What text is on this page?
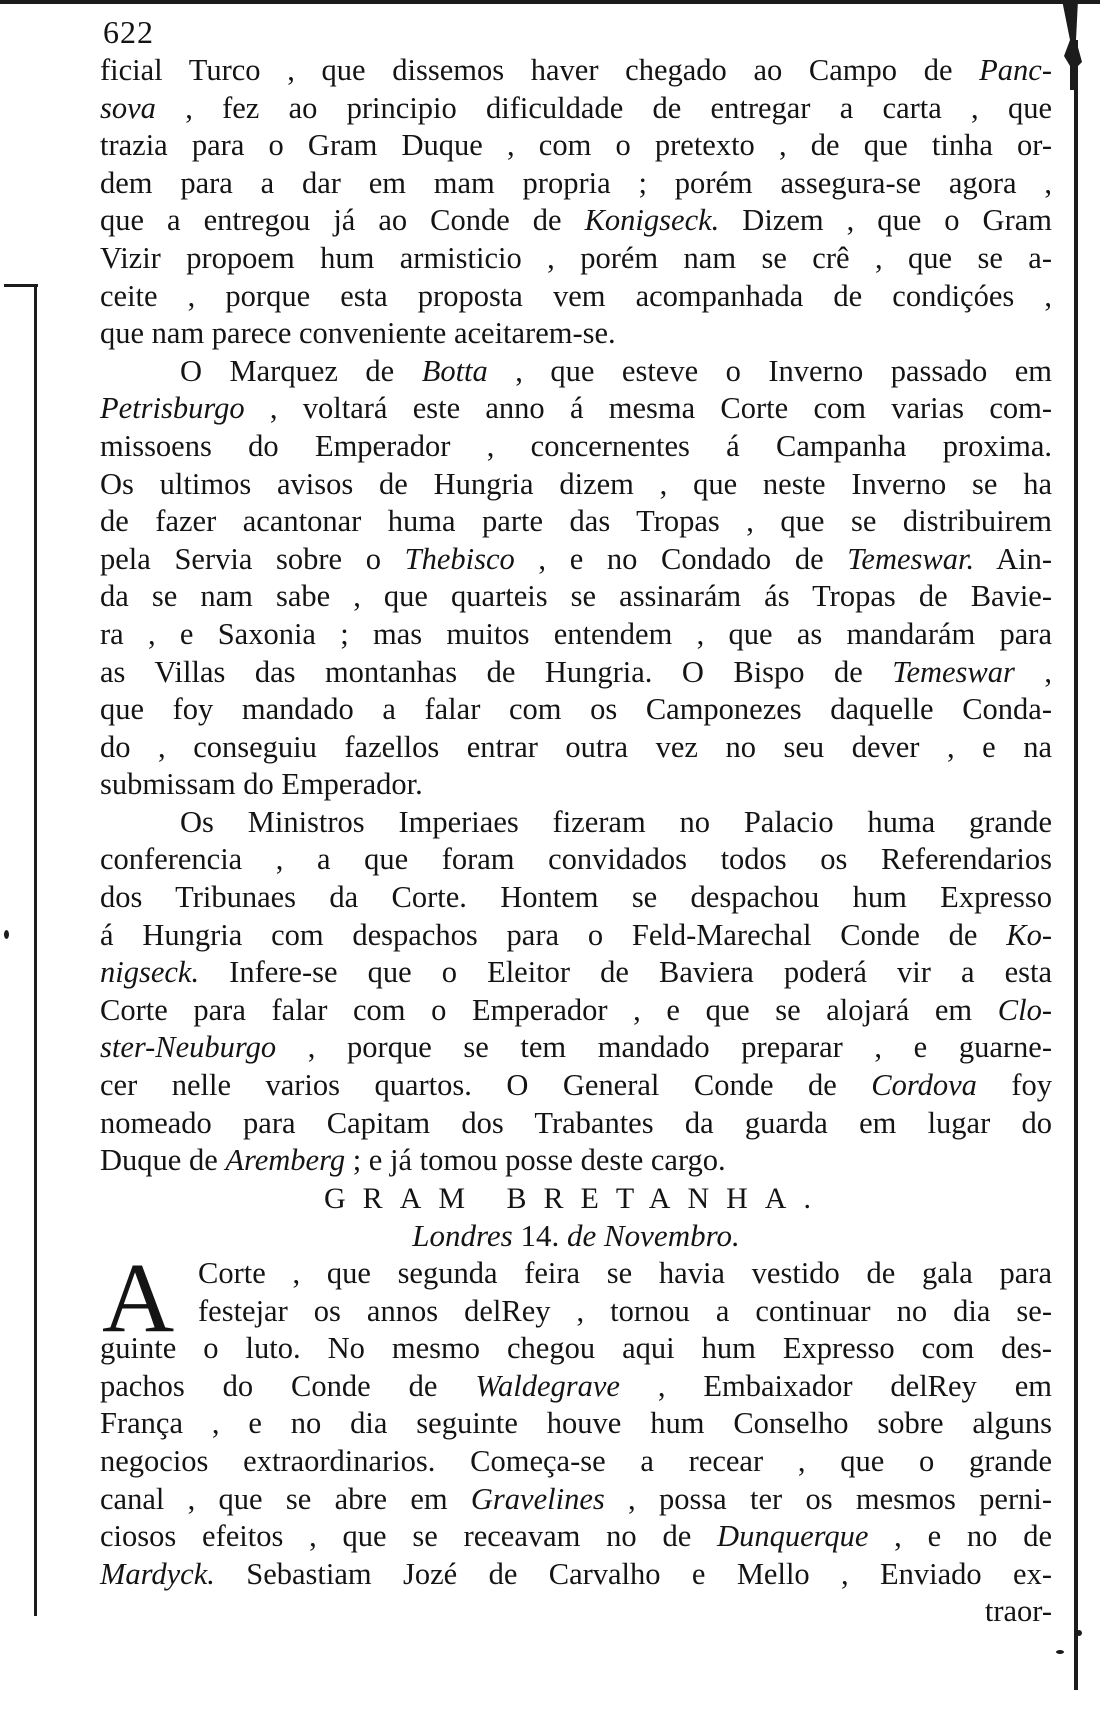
622
ficial Turco , que dissemos haver chegado ao Campo de Panc-
sova , fez ao principio dificuldade de entregar a carta , que
trazia para o Gram Duque , com o pretexto , de que tinha or-
dem para a dar em mam propria ; porém assegura-se agora ,
que a entregou já ao Conde de Konigseck. Dizem , que o Gram
Vizir propoem hum armisticio , porém nam se crê , que se a-
ceite , porque esta proposta vem acompanhada de condiçóes ,
que nam parece conveniente aceitarem-se.
O Marquez de Botta , que esteve o Inverno passado em
Petrisburgo , voltará este anno á mesma Corte com varias com-
missoens do Emperador , concernentes á Campanha proxima.
Os ultimos avisos de Hungria dizem , que neste Inverno se ha
de fazer acantonar huma parte das Tropas , que se distribuirem
pela Servia sobre o Thebisco , e no Condado de Temeswar. Ain-
da se nam sabe , que quarteis se assinarám ás Tropas de Bavie-
ra , e Saxonia ; mas muitos entendem , que as mandarám para
as Villas das montanhas de Hungria. O Bispo de Temeswar ,
que foy mandado a falar com os Camponezes daquelle Conda-
do , conseguiu fazellos entrar outra vez no seu dever , e na
submissam do Emperador.
Os Ministros Imperiaes fizeram no Palacio huma grande
conferencia , a que foram convidados todos os Referendarios
dos Tribunaes da Corte. Hontem se despachou hum Expresso
á Hungria com despachos para o Feld-Marechal Conde de Ko-
nigseck. Infere-se que o Eleitor de Baviera poderá vir a esta
Corte para falar com o Emperador , e que se alojará em Clo-
ster-Neuburgo , porque se tem mandado preparar , e guarne-
cer nelle varios quartos. O General Conde de Cordova foy
nomeado para Capitam dos Trabantes da guarda em lugar do
Duque de Aremberg ; e já tomou posse deste cargo.
GRAM BRETANHA.
Londres 14. de Novembro.
A Corte , que segunda feira se havia vestido de gala para
festejar os annos delRey , tornou a continuar no dia se-
guinte o luto. No mesmo chegou aqui hum Expresso com des-
pachos do Conde de Waldegrave , Embaixador delRey em
França , e no dia seguinte houve hum Conselho sobre alguns
negocios extraordinarios. Começa-se a recear , que o grande
canal , que se abre em Gravelines , possa ter os mesmos perni-
ciosos efeitos , que se receavam no de Dunquerque , e no de
Mardyck. Sebastiam Jozé de Carvalho e Mello , Enviado ex-
traor-
